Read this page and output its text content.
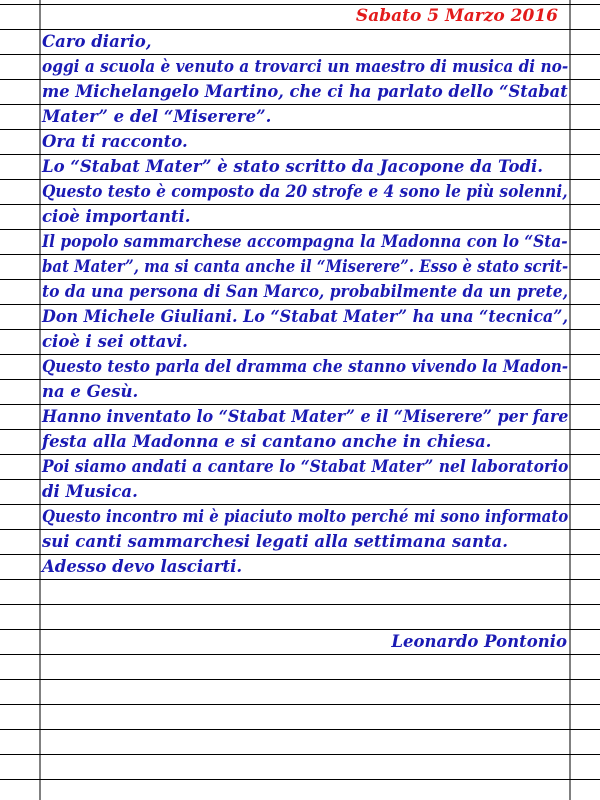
Sabato 5 Marzo 2016
Caro diario,
oggi a scuola è venuto a trovarci un maestro di musica di no-
me Michelangelo Martino, che ci ha parlato dello “Stabat
Mater” e del “Miserere”.
Ora ti racconto.
Lo “Stabat Mater” è stato scritto da Jacopone da Todi.
Questo testo è composto da 20 strofe e 4 sono le più solenni,
cioè importanti.
Il popolo sammarchese accompagna la Madonna con lo “Sta-
bat Mater”, ma si canta anche il “Miserere”. Esso è stato scrit-
to da una persona di San Marco, probabilmente da un prete,
Don Michele Giuliani. Lo “Stabat Mater” ha una “tecnica”,
cioè i sei ottavi.
Questo testo parla del dramma che stanno vivendo la Madon-
na e Gesù.
Hanno inventato lo “Stabat Mater” e il “Miserere” per fare
festa alla Madonna e si cantano anche in chiesa.
Poi siamo andati a cantare lo “Stabat Mater” nel laboratorio
di Musica.
Questo incontro mi è piaciuto molto perché mi sono informato
sui canti sammarchesi legati alla settimana santa.
Adesso devo lasciarti.
Leonardo Pontonio
